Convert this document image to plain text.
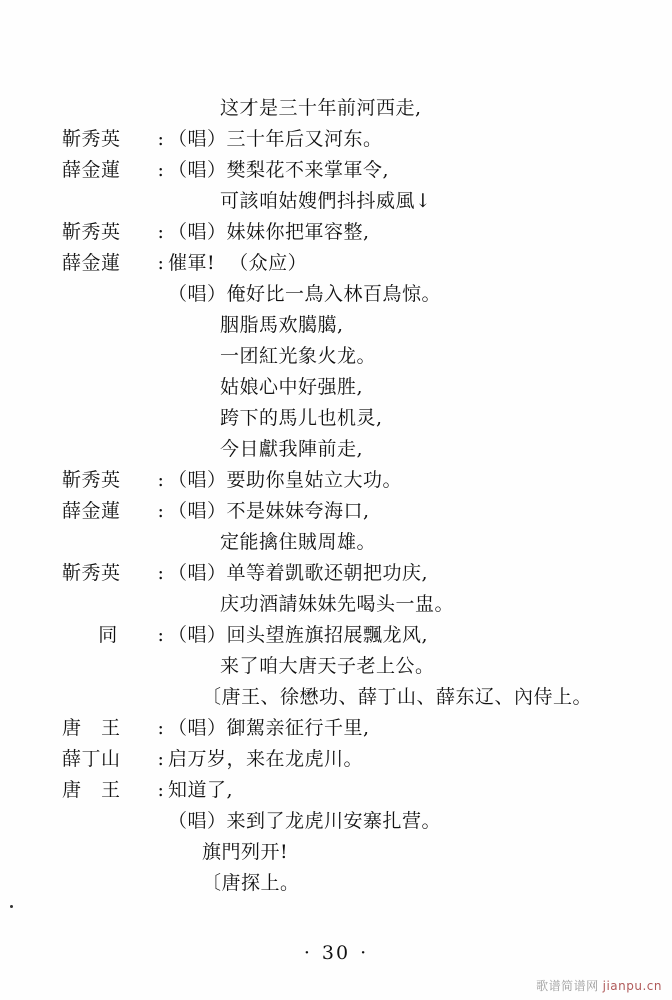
这才是三十年前河西走,
靳秀英	: （唱） 三十年后又河东。
薛金蓮	: （唱） 樊梨花不来掌軍令,
可該咱姑嫂們抖抖威風↓
靳秀英	: （唱） 妹妹你把軍容整,
薛金蓮	: 催軍! （众应）
（唱） 俺好比一鳥入林百鳥惊。
胭脂馬欢臈臈,
一团紅光象火龙。
姑娘心中好强胜,
跨下的馬儿也机灵,
今日獻我陣前走,
靳秀英	: （唱） 要助你皇姑立大功。
薛金蓮	: （唱） 不是妹妹夸海口,
定能擒住賊周雄。
靳秀英	: （唱） 单等着凱歌还朝把功庆,
庆功酒請妹妹先喝头一盅。
同	: （唱） 回头望旌旗招展飄龙风,
来了咱大唐天子老上公。
〔唐王、徐懋功、薛丁山、薛东辽、內侍上。
唐　王	: （唱） 御駕亲征行千里,
薛丁山	: 启万岁，来在龙虎川。
唐　王	: 知道了,
（唱） 来到了龙虎川安寨扎营。
旗門列开!
〔唐探上。
· 30 ·
歌谱简谱网 jianpu.cn
